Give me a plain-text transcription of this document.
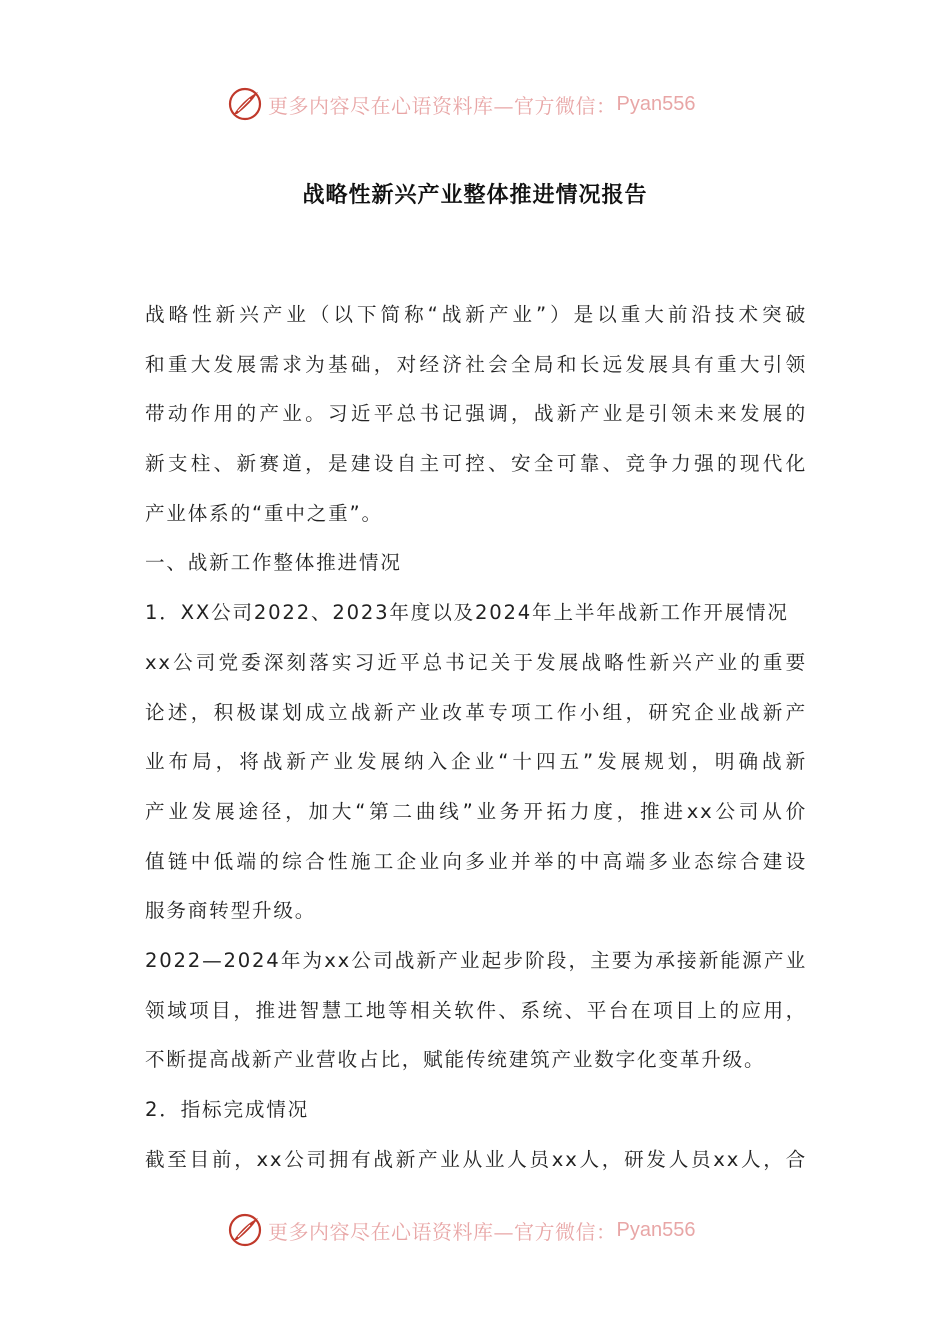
更多内容尽在心语资料库—官方微信： Pyan556
战略性新兴产业整体推进情况报告
战略性新兴产业（以下简称“战新产业”）是以重大前沿技术突破
和重大发展需求为基础，对经济社会全局和长远发展具有重大引领
带动作用的产业。习近平总书记强调，战新产业是引领未来发展的
新支柱、新赛道，是建设自主可控、安全可靠、竞争力强的现代化
产业体系的“重中之重”。
一、战新工作整体推进情况
1．XX公司2022、2023年度以及2024年上半年战新工作开展情况
xx公司党委深刻落实习近平总书记关于发展战略性新兴产业的重要
论述，积极谋划成立战新产业改革专项工作小组，研究企业战新产
业布局，将战新产业发展纳入企业“十四五”发展规划，明确战新
产业发展途径，加大“第二曲线”业务开拓力度，推进xx公司从价
值链中低端的综合性施工企业向多业并举的中高端多业态综合建设
服务商转型升级。
2022—2024年为xx公司战新产业起步阶段，主要为承接新能源产业
领域项目，推进智慧工地等相关软件、系统、平台在项目上的应用，
不断提高战新产业营收占比，赋能传统建筑产业数字化变革升级。
2．指标完成情况
截至目前，xx公司拥有战新产业从业人员xx人，研发人员xx人，合
更多内容尽在心语资料库—官方微信： Pyan556
